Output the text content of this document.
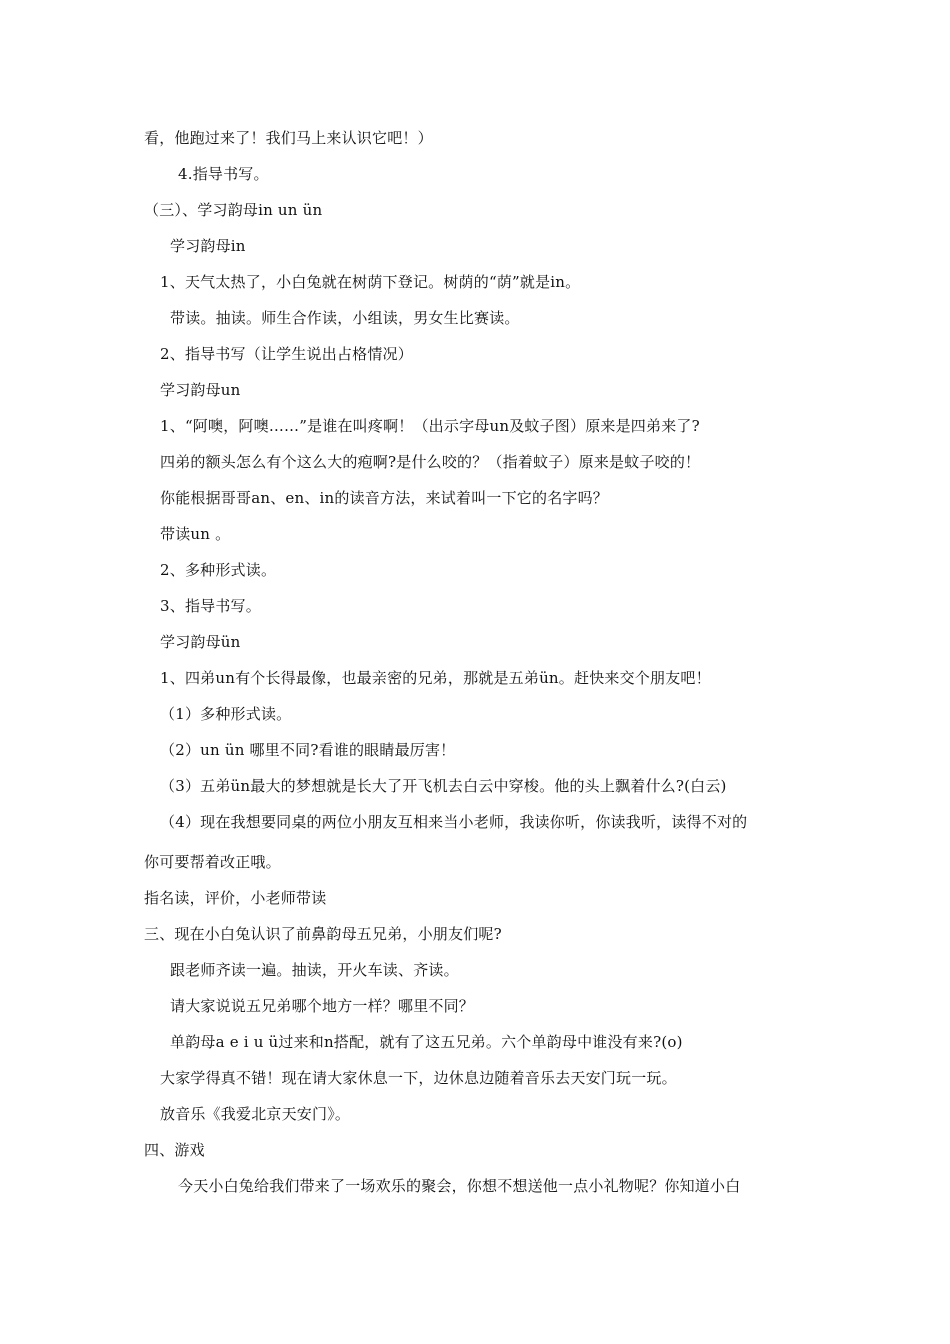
看，他跑过来了！我们马上来认识它吧！）
4.指导书写。
（三）、学习韵母in un ün
学习韵母in
1、天气太热了，小白兔就在树荫下登记。树荫的“荫”就是in。
带读。抽读。师生合作读，小组读，男女生比赛读。
2、指导书写（让学生说出占格情况）
学习韵母un
1、“阿噢，阿噢……”是谁在叫疼啊！（出示字母un及蚊子图）原来是四弟来了?
四弟的额头怎么有个这么大的疱啊?是什么咬的？（指着蚊子）原来是蚊子咬的！
你能根据哥哥an、en、in的读音方法，来试着叫一下它的名字吗？
带读un 。
2、多种形式读。
3、指导书写。
学习韵母ün
1、四弟un有个长得最像，也最亲密的兄弟，那就是五弟ün。赶快来交个朋友吧！
（1）多种形式读。
（2）un ün 哪里不同?看谁的眼睛最厉害！
（3）五弟ün最大的梦想就是长大了开飞机去白云中穿梭。他的头上飘着什么?(白云)
（4）现在我想要同桌的两位小朋友互相来当小老师，我读你听，你读我听，读得不对的
你可要帮着改正哦。
指名读，评价，小老师带读
三、现在小白兔认识了前鼻韵母五兄弟，小朋友们呢?
跟老师齐读一遍。抽读，开火车读、齐读。
请大家说说五兄弟哪个地方一样？哪里不同？
单韵母a e i u ü过来和n搭配，就有了这五兄弟。六个单韵母中谁没有来?(o)
大家学得真不错！现在请大家休息一下，边休息边随着音乐去天安门玩一玩。
放音乐《我爱北京天安门》。
四、游戏
今天小白兔给我们带来了一场欢乐的聚会，你想不想送他一点小礼物呢？你知道小白
